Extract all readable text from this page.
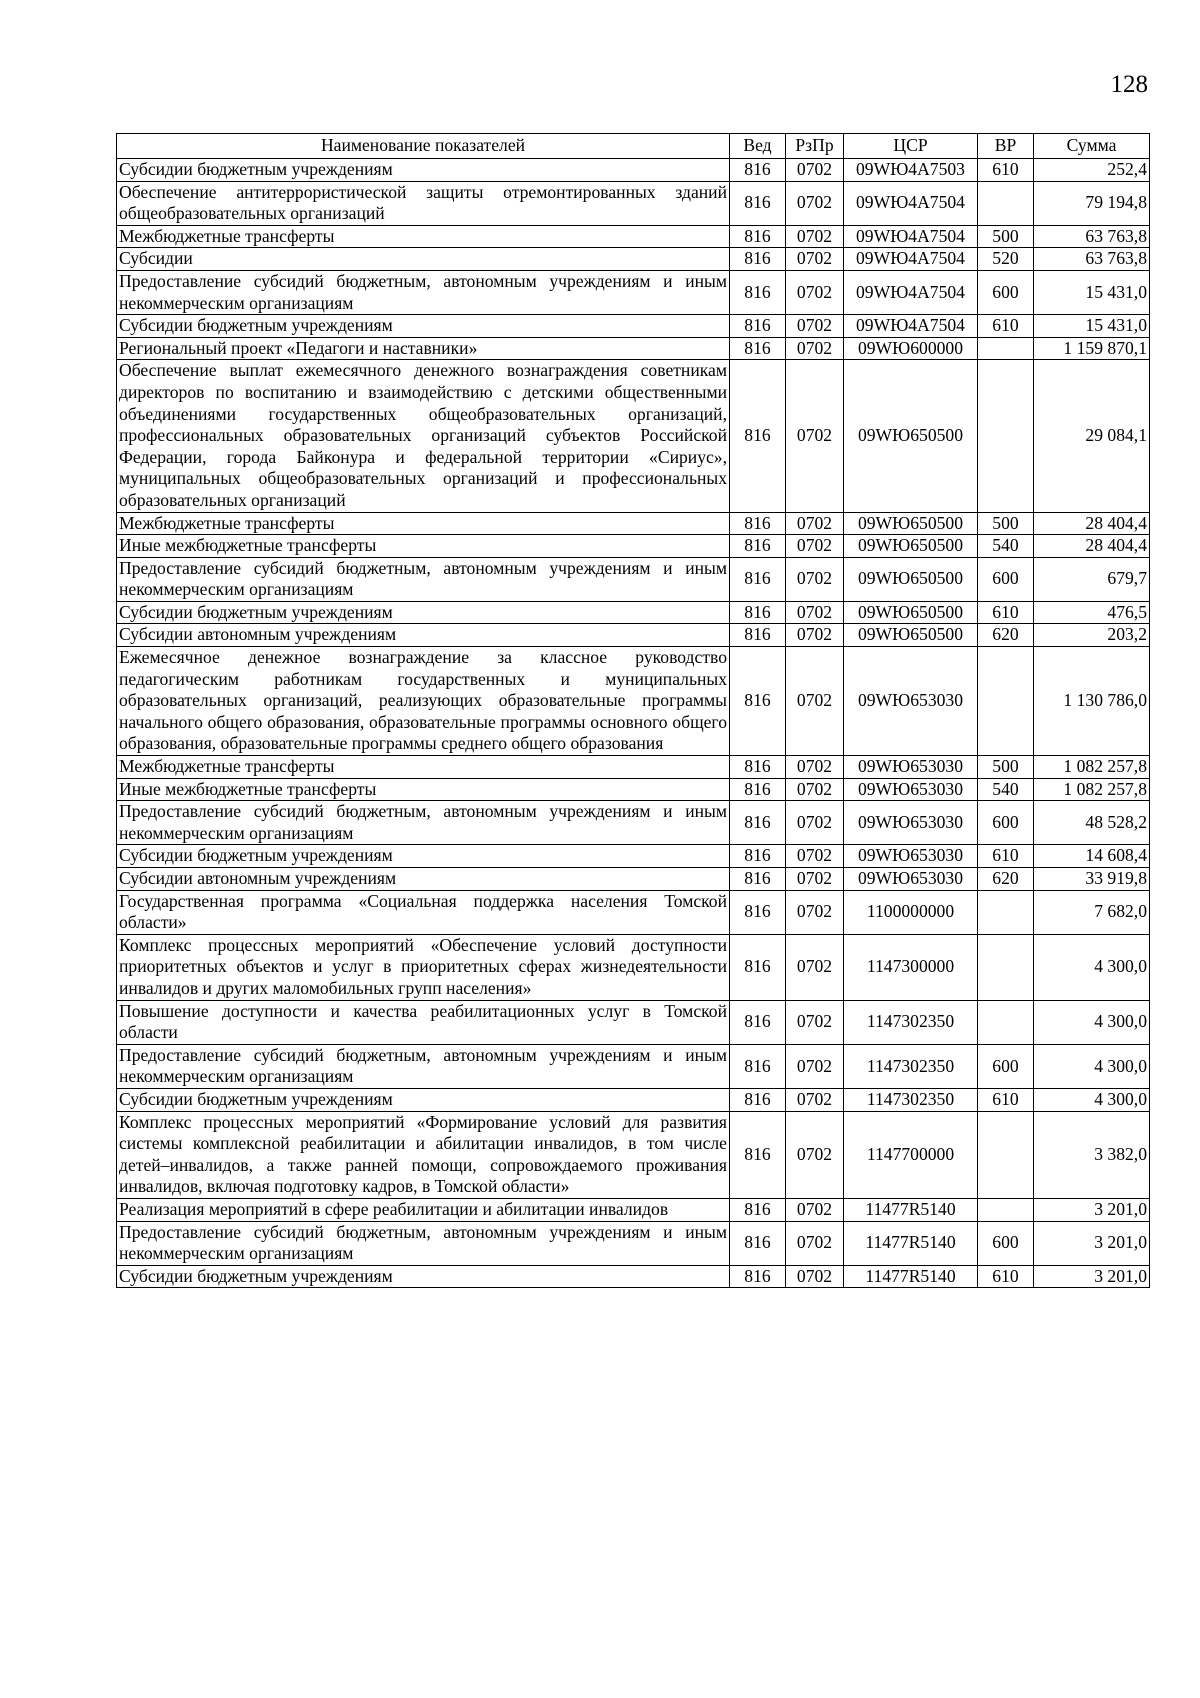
128
Наименование показателей	Вед	РзПр	ЦСР	ВР	Сумма
Субсидии бюджетным учреждениям	816	0702	09WЮ4А7503	610	252,4
Обеспечение антитеррористической защиты отремонтированных зданий общеобразовательных организаций	816	0702	09WЮ4А7504		79 194,8
Межбюджетные трансферты	816	0702	09WЮ4А7504	500	63 763,8
Субсидии	816	0702	09WЮ4А7504	520	63 763,8
Предоставление субсидий бюджетным, автономным учреждениям и иным некоммерческим организациям	816	0702	09WЮ4А7504	600	15 431,0
Субсидии бюджетным учреждениям	816	0702	09WЮ4А7504	610	15 431,0
Региональный проект «Педагоги и наставники»	816	0702	09WЮ600000		1 159 870,1
Обеспечение выплат ежемесячного денежного вознаграждения советникам директоров по воспитанию и взаимодействию с детскими общественными объединениями государственных общеобразовательных организаций, профессиональных образовательных организаций субъектов Российской Федерации, города Байконура и федеральной территории «Сириус», муниципальных общеобразовательных организаций и профессиональных образовательных организаций	816	0702	09WЮ650500		29 084,1
Межбюджетные трансферты	816	0702	09WЮ650500	500	28 404,4
Иные межбюджетные трансферты	816	0702	09WЮ650500	540	28 404,4
Предоставление субсидий бюджетным, автономным учреждениям и иным некоммерческим организациям	816	0702	09WЮ650500	600	679,7
Субсидии бюджетным учреждениям	816	0702	09WЮ650500	610	476,5
Субсидии автономным учреждениям	816	0702	09WЮ650500	620	203,2
Ежемесячное денежное вознаграждение за классное руководство педагогическим работникам государственных и муниципальных образовательных организаций, реализующих образовательные программы начального общего образования, образовательные программы основного общего образования, образовательные программы среднего общего образования	816	0702	09WЮ653030		1 130 786,0
Межбюджетные трансферты	816	0702	09WЮ653030	500	1 082 257,8
Иные межбюджетные трансферты	816	0702	09WЮ653030	540	1 082 257,8
Предоставление субсидий бюджетным, автономным учреждениям и иным некоммерческим организациям	816	0702	09WЮ653030	600	48 528,2
Субсидии бюджетным учреждениям	816	0702	09WЮ653030	610	14 608,4
Субсидии автономным учреждениям	816	0702	09WЮ653030	620	33 919,8
Государственная программа «Социальная поддержка населения Томской области»	816	0702	1100000000		7 682,0
Комплекс процессных мероприятий «Обеспечение условий доступности приоритетных объектов и услуг в приоритетных сферах жизнедеятельности инвалидов и других маломобильных групп населения»	816	0702	1147300000		4 300,0
Повышение доступности и качества реабилитационных услуг в Томской области	816	0702	1147302350		4 300,0
Предоставление субсидий бюджетным, автономным учреждениям и иным некоммерческим организациям	816	0702	1147302350	600	4 300,0
Субсидии бюджетным учреждениям	816	0702	1147302350	610	4 300,0
Комплекс процессных мероприятий «Формирование условий для развития системы комплексной реабилитации и абилитации инвалидов, в том числе детей–инвалидов, а также ранней помощи, сопровождаемого проживания инвалидов, включая подготовку кадров, в Томской области»	816	0702	1147700000		3 382,0
Реализация мероприятий в сфере реабилитации и абилитации инвалидов	816	0702	11477R5140		3 201,0
Предоставление субсидий бюджетным, автономным учреждениям и иным некоммерческим организациям	816	0702	11477R5140	600	3 201,0
Субсидии бюджетным учреждениям	816	0702	11477R5140	610	3 201,0
